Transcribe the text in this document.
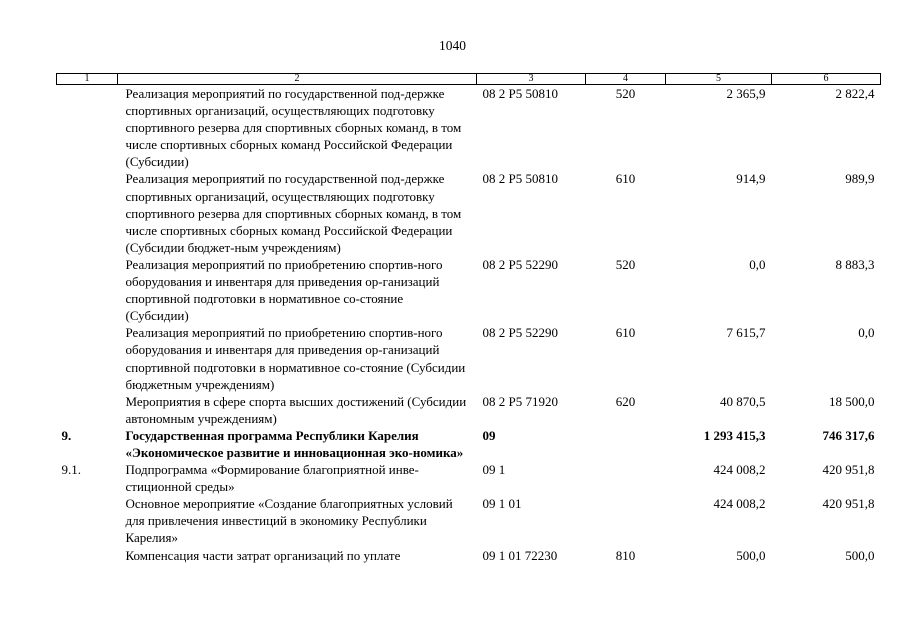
1040
1	2	3	4	5	6
	Реализация мероприятий по государственной под-держке спортивных организаций, осуществляющих подготовку спортивного резерва для спортивных сборных команд, в том числе спортивных сборных команд Российской Федерации (Субсидии)	08 2 P5 50810	520	2 365,9	2 822,4
	Реализация мероприятий по государственной под-держке спортивных организаций, осуществляющих подготовку спортивного резерва для спортивных сборных команд, в том числе спортивных сборных команд Российской Федерации (Субсидии бюджет-ным учреждениям)	08 2 P5 50810	610	914,9	989,9
	Реализация мероприятий по приобретению спортив-ного оборудования и инвентаря для приведения ор-ганизаций спортивной подготовки в нормативное со-стояние (Субсидии)	08 2 P5 52290	520	0,0	8 883,3
	Реализация мероприятий по приобретению спортив-ного оборудования и инвентаря для приведения ор-ганизаций спортивной подготовки в нормативное со-стояние (Субсидии бюджетным учреждениям)	08 2 P5 52290	610	7 615,7	0,0
	Мероприятия в сфере спорта высших достижений (Субсидии автономным учреждениям)	08 2 P5 71920	620	40 870,5	18 500,0
9.	Государственная программа Республики Карелия «Экономическое развитие и инновационная эко-номика»	09		1 293 415,3	746 317,6
9.1.	Подпрограмма «Формирование благоприятной инве-стиционной среды»	09 1		424 008,2	420 951,8
	Основное мероприятие «Создание благоприятных условий для привлечения инвестиций в экономику Республики Карелия»	09 1 01		424 008,2	420 951,8
	Компенсация части затрат организаций по уплате	09 1 01 72230	810	500,0	500,0
